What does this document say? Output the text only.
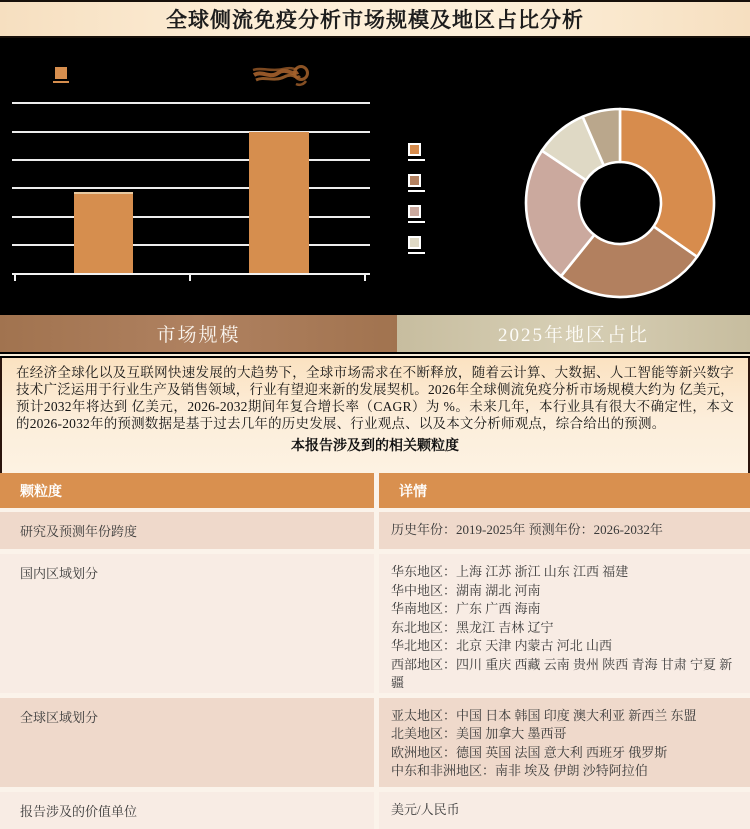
全球侧流免疫分析市场规模及地区占比分析
市场规模	2025年地区占比

在经济全球化以及互联网快速发展的大趋势下，全球市场需求在不断释放，随着云计算、大数据、人工智能等新兴数字技术广泛运用于行业生产及销售领域，行业有望迎来新的发展契机。2026年全球侧流免疫分析市场规模大约为 亿美元，预计2032年将达到 亿美元，2026-2032期间年复合增长率（CAGR）为 %。未来几年，本行业具有很大不确定性，本文的2026-2032年的预测数据是基于过去几年的历史发展、行业观点、以及本文分析师观点，综合给出的预测。

本报告涉及到的相关颗粒度
颗粒度	详情
研究及预测年份跨度	历史年份：2019-2025年 预测年份：2026-2032年
国内区域划分	华东地区：上海 江苏 浙江 山东 江西 福建
华中地区：湖南 湖北 河南
华南地区：广东 广西 海南
东北地区：黑龙江 吉林 辽宁
华北地区：北京 天津 内蒙古 河北 山西
西部地区：四川 重庆 西藏 云南 贵州 陕西 青海 甘肃 宁夏 新疆
全球区域划分	亚太地区：中国 日本 韩国 印度 澳大利亚 新西兰 东盟
北美地区：美国 加拿大 墨西哥
欧洲地区：德国 英国 法国 意大利 西班牙 俄罗斯
中东和非洲地区：南非 埃及 伊朗 沙特阿拉伯
报告涉及的价值单位	美元/人民币
